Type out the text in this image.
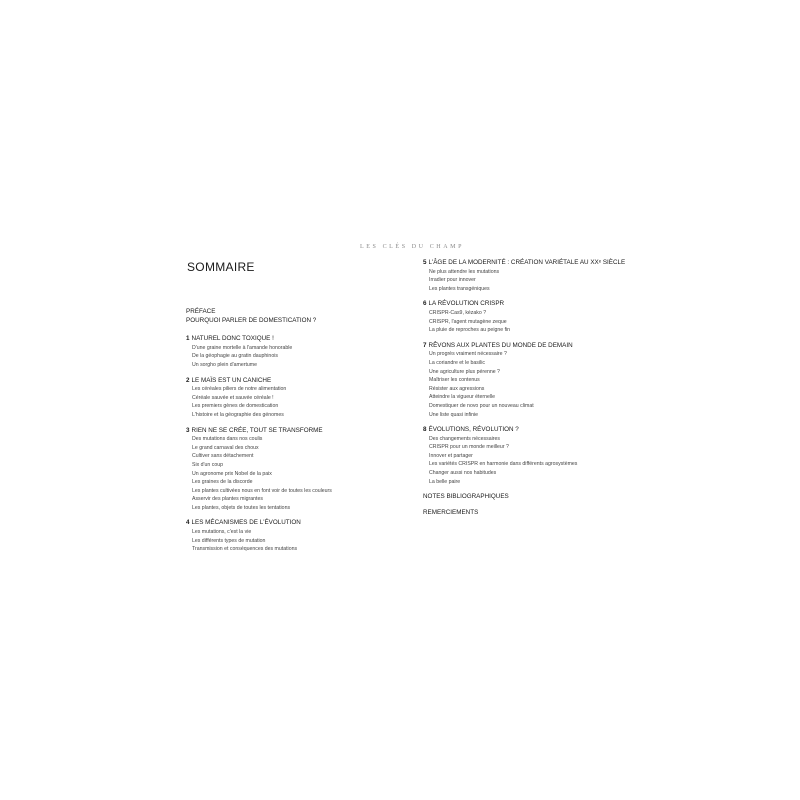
LES CLÉS DU CHAMP
SOMMAIRE
PRÉFACE
POURQUOI PARLER DE DOMESTICATION ?
1 NATUREL DONC TOXIQUE !
D'une graine mortelle à l'amande honorable
De la géophagie au gratin dauphinois
Un sorgho plein d'amertume
2 LE MAÏS EST UN CANICHE
Les céréales piliers de notre alimentation
Céréale sauvée et sauvée céréale !
Les premiers gènes de domestication
L'histoire et la géographie des génomes
3 RIEN NE SE CRÉE, TOUT SE TRANSFORME
Des mutations dans nos coulis
Le grand carnaval des choux
Cultiver sans détachement
Six d'un coup
Un agronome prix Nobel de la paix
Les graines de la discorde
Les plantes cultivées nous en font voir de toutes les couleurs
Asservir des plantes migrantes
Les plantes, objets de toutes les tentations
4 LES MÉCANISMES DE L'ÉVOLUTION
Les mutations, c'est la vie
Les différents types de mutation
Transmission et conséquences des mutations
5 L'ÂGE DE LA MODERNITÉ : CRÉATION VARIÉTALE AU XXᵉ SIÈCLE
Ne plus attendre les mutations
Irradier pour innover
Les plantes transgéniques
6 LA RÉVOLUTION CRISPR
CRISPR-Cas9, kézako ?
CRISPR, l'agent mutagène zeque
La pluie de reproches au peigne fin
7 RÊVONS AUX PLANTES DU MONDE DE DEMAIN
Un progrès vraiment nécessaire ?
La coriandre et le basilic
Une agriculture plus pérenne ?
Maîtriser les contenus
Résister aux agressions
Atteindre la vigueur éternelle
Domestiquer de novo pour un nouveau climat
Une liste quasi infinie
8 ÉVOLUTIONS, RÉVOLUTION ?
Des changements nécessaires
CRISPR pour un monde meilleur ?
Innover et partager
Les variétés CRISPR en harmonie dans différents agrosystèmes
Changer aussi nos habitudes
La belle paire
NOTES BIBLIOGRAPHIQUES
REMERCIEMENTS
